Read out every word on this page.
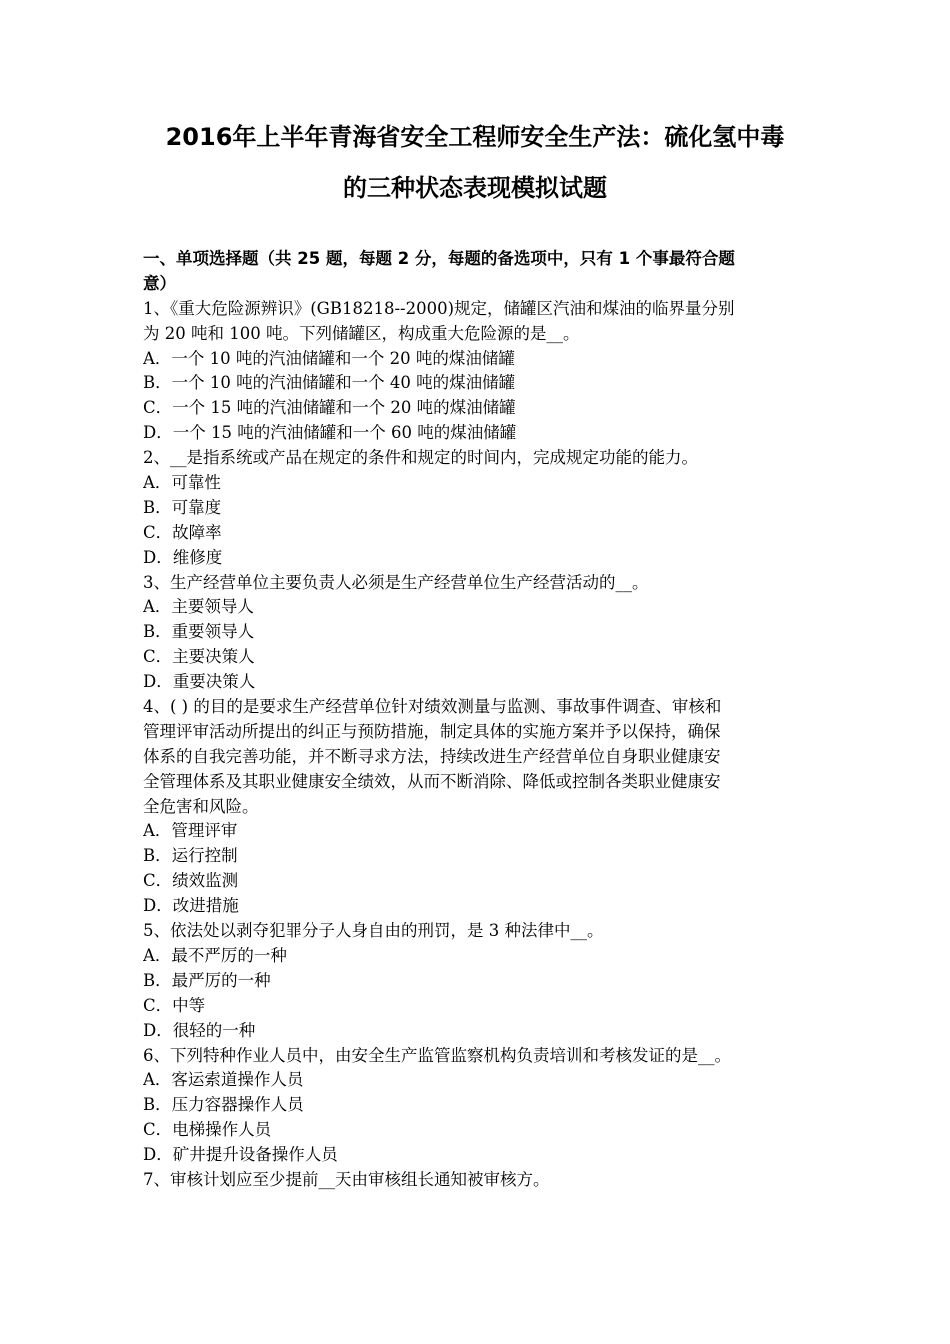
2016年上半年青海省安全工程师安全生产法：硫化氢中毒
的三种状态表现模拟试题
一、单项选择题（共 25 题，每题 2 分，每题的备选项中，只有 1 个事最符合题
意）
1、《重大危险源辨识》(GB18218--2000)规定，储罐区汽油和煤油的临界量分别
为 20 吨和 100 吨。下列储罐区，构成重大危险源的是__。
A．一个 10 吨的汽油储罐和一个 20 吨的煤油储罐
B．一个 10 吨的汽油储罐和一个 40 吨的煤油储罐
C．一个 15 吨的汽油储罐和一个 20 吨的煤油储罐
D．一个 15 吨的汽油储罐和一个 60 吨的煤油储罐
2、__是指系统或产品在规定的条件和规定的时间内，完成规定功能的能力。
A．可靠性
B．可靠度
C．故障率
D．维修度
3、生产经营单位主要负责人必须是生产经营单位生产经营活动的__。
A．主要领导人
B．重要领导人
C．主要决策人
D．重要决策人
4、( ) 的目的是要求生产经营单位针对绩效测量与监测、事故事件调查、审核和
管理评审活动所提出的纠正与预防措施，制定具体的实施方案并予以保持，确保
体系的自我完善功能，并不断寻求方法，持续改进生产经营单位自身职业健康安
全管理体系及其职业健康安全绩效，从而不断消除、降低或控制各类职业健康安
全危害和风险。
A．管理评审
B．运行控制
C．绩效监测
D．改进措施
5、依法处以剥夺犯罪分子人身自由的刑罚，是 3 种法律中__。
A．最不严厉的一种
B．最严厉的一种
C．中等
D．很轻的一种
6、下列特种作业人员中，由安全生产监管监察机构负责培训和考核发证的是__。
A．客运索道操作人员
B．压力容器操作人员
C．电梯操作人员
D．矿井提升设备操作人员
7、审核计划应至少提前__天由审核组长通知被审核方。
